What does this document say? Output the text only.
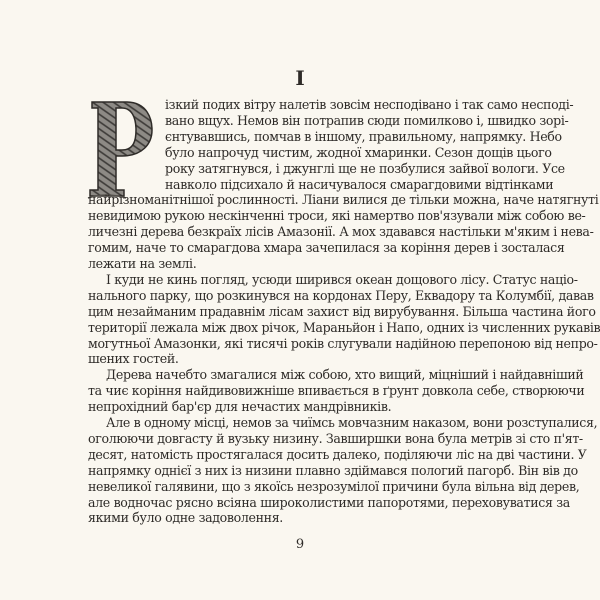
I
ізкий подих вітру налетів зовсім несподівано і так само несподі-
вано вщух. Немов він потрапив сюди помилково і, швидко зорі-
єнтувавшись, помчав в іншому, правильному, напрямку. Небо
було напрочуд чистим, жодної хмаринки. Сезон дощів цього
року затягнувся, і джунглі ще не позбулися зайвої вологи. Усе
навколо підсихало й насичувалося смарагдовими відтінками
найрізноманітнішої рослинності. Ліани вилися де тільки можна, наче натягнуті
невидимою рукою нескінченні троси, які намертво пов'язували між собою ве-
личезні дерева безкраїх лісів Амазонії. А мох здавався настільки м'яким і нева-
гомим, наче то смарагдова хмара зачепилася за коріння дерев і зосталася
лежати на землі.
І куди не кинь погляд, усюди ширився океан дощового лісу. Статус націо-
нального парку, що розкинувся на кордонах Перу, Еквадору та Колумбії, давав
цим незайманим прадавнім лісам захист від вирубування. Більша частина його
території лежала між двох річок, Мараньйон і Напо, одних із численних рукавів
могутньої Амазонки, які тисячі років слугували надійною перепоною від непро-
шених гостей.
Дерева начебто змагалися між собою, хто вищий, міцніший і найдавніший
та чиє коріння найдивовижніше впивається в ґрунт довкола себе, створюючи
непрохідний бар'єр для нечастих мандрівників.
Але в одному місці, немов за чиїмсь мовчазним наказом, вони розступалися,
оголюючи довгасту й вузьку низину. Завширшки вона була метрів зі сто п'ят-
десят, натомість простягалася досить далеко, поділяючи ліс на дві частини. У
напрямку однієї з них із низини плавно здіймався пологий пагорб. Він вів до
невеликої галявини, що з якоїсь незрозумілої причини була вільна від дерев,
але водночас рясно всіяна широколистими папоротями, переховуватися за
якими було одне задоволення.
9
